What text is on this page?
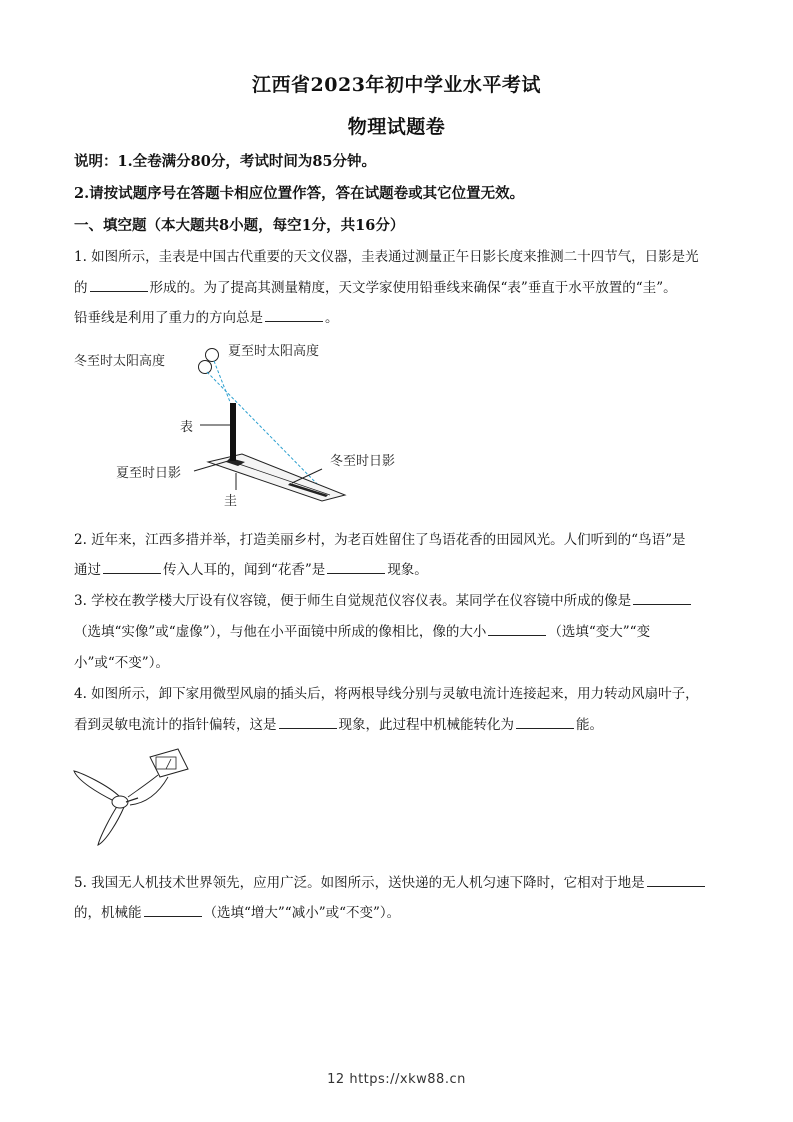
江西省2023年初中学业水平考试
物理试题卷
说明：1.全卷满分80分，考试时间为85分钟。
2.请按试题序号在答题卡相应位置作答，答在试题卷或其它位置无效。
一、填空题（本大题共8小题，每空1分，共16分）
1. 如图所示，圭表是中国古代重要的天文仪器，圭表通过测量正午日影长度来推测二十四节气，日影是光
的	形成的。为了提高其测量精度，天文学家使用铅垂线来确保“表”垂直于水平放置的“圭”。
铅垂线是利用了重力的方向总是	。
冬至时太阳高度
夏至时太阳高度
表
夏至时日影
冬至时日影
圭
2. 近年来，江西多措并举，打造美丽乡村，为老百姓留住了鸟语花香的田园风光。人们听到的“鸟语”是
通过	传入人耳的，闻到“花香”是	现象。
3. 学校在教学楼大厅设有仪容镜，便于师生自觉规范仪容仪表。某同学在仪容镜中所成的像是
（选填“实像”或“虚像”），与他在小平面镜中所成的像相比，像的大小	（选填“变大”“变
小”或“不变”）。
4. 如图所示，卸下家用微型风扇的插头后，将两根导线分别与灵敏电流计连接起来，用力转动风扇叶子，
看到灵敏电流计的指针偏转，这是	现象，此过程中机械能转化为	能。
5. 我国无人机技术世界领先，应用广泛。如图所示，送快递的无人机匀速下降时，它相对于地是
的，机械能	（选填“增大”“减小”或“不变”）。
12 https://xkw88.cn
